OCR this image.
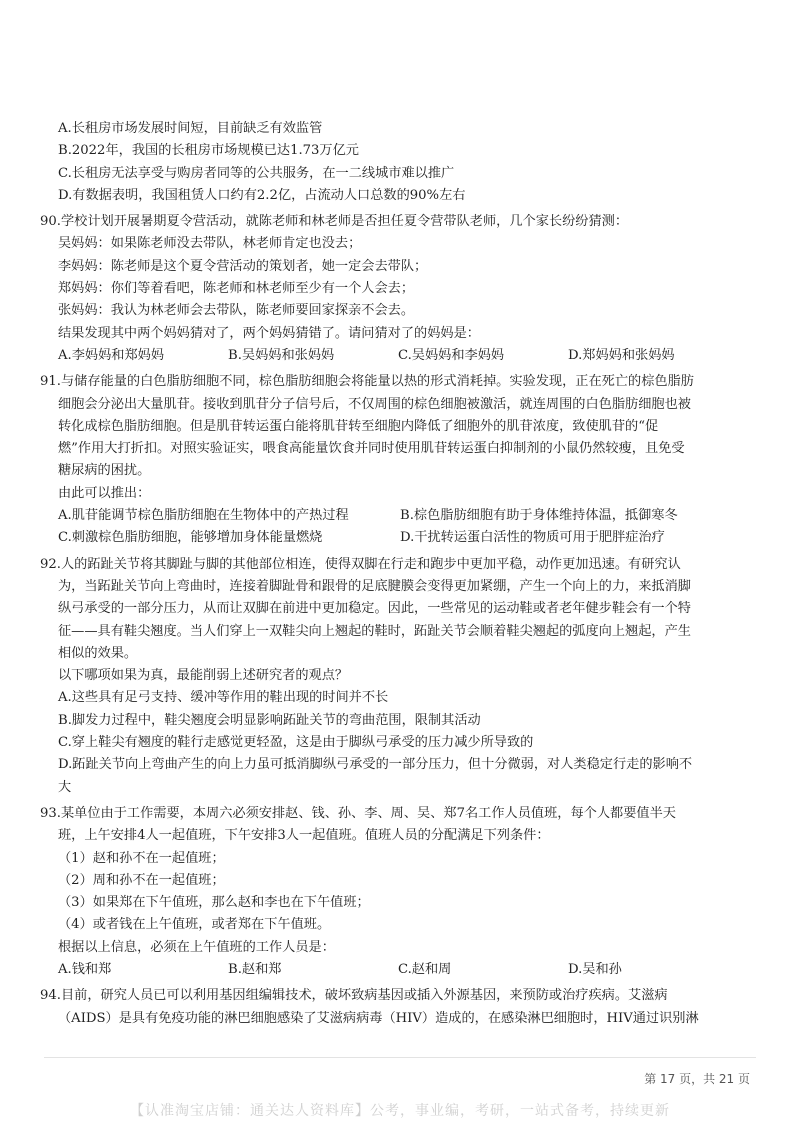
A.长租房市场发展时间短，目前缺乏有效监管
B.2022年，我国的长租房市场规模已达1.73万亿元
C.长租房无法享受与购房者同等的公共服务，在一二线城市难以推广
D.有数据表明，我国租赁人口约有2.2亿，占流动人口总数的90%左右
90.学校计划开展暑期夏令营活动，就陈老师和林老师是否担任夏令营带队老师，几个家长纷纷猜测：
吴妈妈：如果陈老师没去带队，林老师肯定也没去；
李妈妈：陈老师是这个夏令营活动的策划者，她一定会去带队；
郑妈妈：你们等着看吧，陈老师和林老师至少有一个人会去；
张妈妈：我认为林老师会去带队，陈老师要回家探亲不会去。
结果发现其中两个妈妈猜对了，两个妈妈猜错了。请问猜对了的妈妈是：
A.李妈妈和郑妈妈	B.吴妈妈和张妈妈	C.吴妈妈和李妈妈	D.郑妈妈和张妈妈
91.与储存能量的白色脂肪细胞不同，棕色脂肪细胞会将能量以热的形式消耗掉。实验发现，正在死亡的棕色脂肪
细胞会分泌出大量肌苷。接收到肌苷分子信号后，不仅周围的棕色细胞被激活，就连周围的白色脂肪细胞也被
转化成棕色脂肪细胞。但是肌苷转运蛋白能将肌苷转至细胞内降低了细胞外的肌苷浓度，致使肌苷的“促
燃”作用大打折扣。对照实验证实，喂食高能量饮食并同时使用肌苷转运蛋白抑制剂的小鼠仍然较瘦，且免受
糖尿病的困扰。
由此可以推出：
A.肌苷能调节棕色脂肪细胞在生物体中的产热过程	B.棕色脂肪细胞有助于身体维持体温，抵御寒冬
C.刺激棕色脂肪细胞，能够增加身体能量燃烧	D.干扰转运蛋白活性的物质可用于肥胖症治疗
92.人的跖趾关节将其脚趾与脚的其他部位相连，使得双脚在行走和跑步中更加平稳，动作更加迅速。有研究认
为，当跖趾关节向上弯曲时，连接着脚趾骨和跟骨的足底腱膜会变得更加紧绷，产生一个向上的力，来抵消脚
纵弓承受的一部分压力，从而让双脚在前进中更加稳定。因此，一些常见的运动鞋或者老年健步鞋会有一个特
征——具有鞋尖翘度。当人们穿上一双鞋尖向上翘起的鞋时，跖趾关节会顺着鞋尖翘起的弧度向上翘起，产生
相似的效果。
以下哪项如果为真，最能削弱上述研究者的观点？
A.这些具有足弓支持、缓冲等作用的鞋出现的时间并不长
B.脚发力过程中，鞋尖翘度会明显影响跖趾关节的弯曲范围，限制其活动
C.穿上鞋尖有翘度的鞋行走感觉更轻盈，这是由于脚纵弓承受的压力减少所导致的
D.跖趾关节向上弯曲产生的向上力虽可抵消脚纵弓承受的一部分压力，但十分微弱，对人类稳定行走的影响不
大
93.某单位由于工作需要，本周六必须安排赵、钱、孙、李、周、吴、郑7名工作人员值班，每个人都要值半天
班，上午安排4人一起值班，下午安排3人一起值班。值班人员的分配满足下列条件：
（1）赵和孙不在一起值班；
（2）周和孙不在一起值班；
（3）如果郑在下午值班，那么赵和李也在下午值班；
（4）或者钱在上午值班，或者郑在下午值班。
根据以上信息，必须在上午值班的工作人员是：
A.钱和郑	B.赵和郑	C.赵和周	D.吴和孙
94.目前，研究人员已可以利用基因组编辑技术，破坏致病基因或插入外源基因，来预防或治疗疾病。艾滋病
（AIDS）是具有免疫功能的淋巴细胞感染了艾滋病病毒（HIV）造成的，在感染淋巴细胞时，HIV通过识别淋
第 17 页，共 21 页
【认准淘宝店铺：通关达人资料库】公考，事业编，考研，一站式备考，持续更新
